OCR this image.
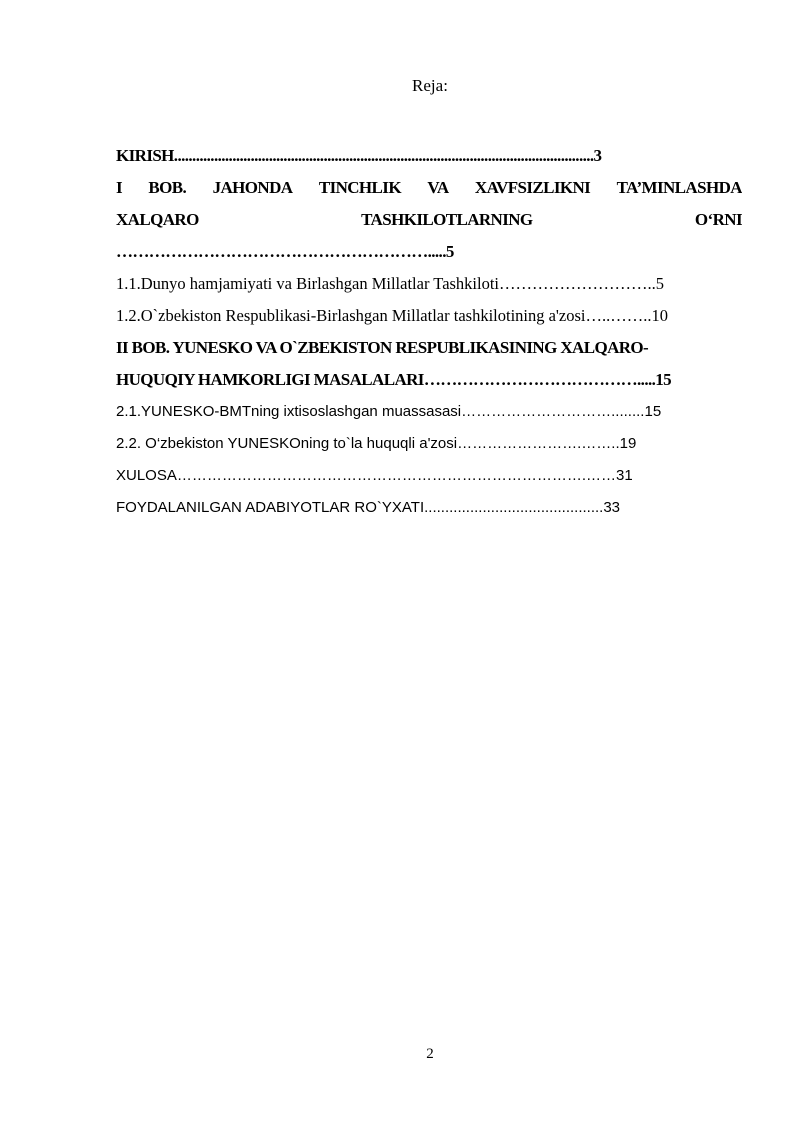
Reja:
KIRISH...................................................................................................................3
I BOB. JAHONDA TINCHLIK VA XAVFSIZLIKNI TA’MINLASHDA
XALQARO	TASHKILOTLARNING	O‘RNI
………………………………………………….....5
1.1.Dunyo hamjamiyati va Birlashgan Millatlar Tashkiloti………………………..5
1.2.O`zbekiston Respublikasi-Birlashgan Millatlar tashkilotining a'zosi…..……..10
II BOB. YUNESKO VA O`ZBEKISTON RESPUBLIKASINING XALQARO-
HUQUQIY HAMKORLIGI MASALALARI………………………………….....15
2.1.YUNESKO-BMTning ixtisoslashgan muassasasi…………………………........15
2.2. O‘zbekiston YUNESKOning to`la huquqli a'zosi…………………….……..19
XULOSA……………………………………………………………………….……31
FOYDALANILGAN ADABIYOTLAR RO`YXATI...........................................33
2
